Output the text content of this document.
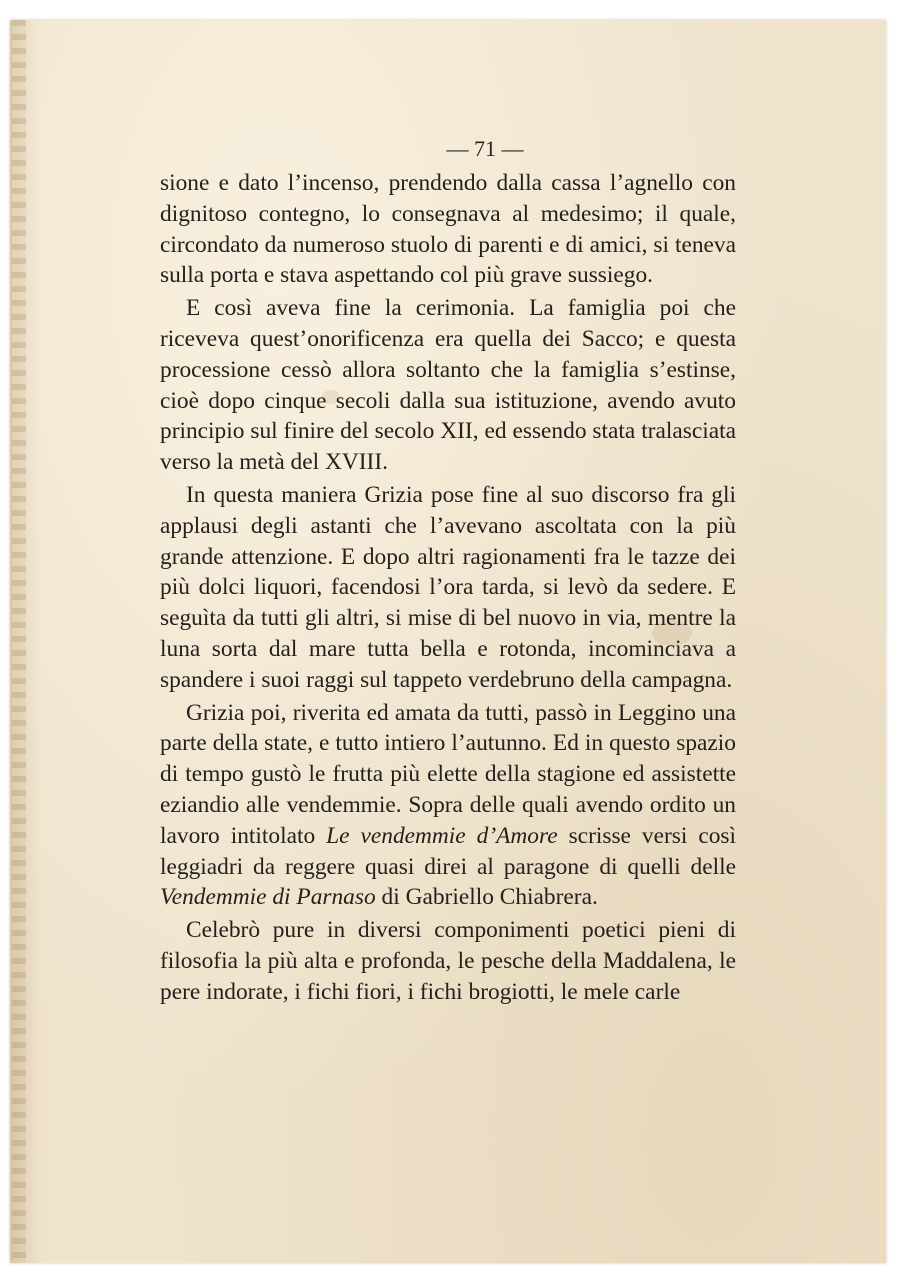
— 71 —

sione e dato l’incenso, prendendo dalla cassa l’agnello con dignitoso contegno, lo consegnava al medesimo; il quale, circondato da numeroso stuolo di parenti e di amici, si teneva sulla porta e stava aspettando col più grave sussiego.

E così aveva fine la cerimonia. La famiglia poi che riceveva quest’onorificenza era quella dei Sacco; e questa processione cessò allora soltanto che la famiglia s’estinse, cioè dopo cinque secoli dalla sua istituzione, avendo avuto principio sul finire del secolo XII, ed essendo stata tralasciata verso la metà del XVIII.

In questa maniera Grizia pose fine al suo discorso fra gli applausi degli astanti che l’avevano ascoltata con la più grande attenzione. E dopo altri ragionamenti fra le tazze dei più dolci liquori, facendosi l’ora tarda, si levò da sedere. E seguìta da tutti gli altri, si mise di bel nuovo in via, mentre la luna sorta dal mare tutta bella e rotonda, incominciava a spandere i suoi raggi sul tappeto verdebruno della campagna.

Grizia poi, riverita ed amata da tutti, passò in Leggino una parte della state, e tutto intiero l’autunno. Ed in questo spazio di tempo gustò le frutta più elette della stagione ed assistette eziandio alle vendemmie. Sopra delle quali avendo ordito un lavoro intitolato Le vendemmie d’Amore scrisse versi così leggiadri da reggere quasi direi al paragone di quelli delle Vendemmie di Parnaso di Gabriello Chiabrera.

Celebrò pure in diversi componimenti poetici pieni di filosofia la più alta e profonda, le pesche della Maddalena, le pere indorate, i fichi fiori, i fichi brogiotti, le mele carle
